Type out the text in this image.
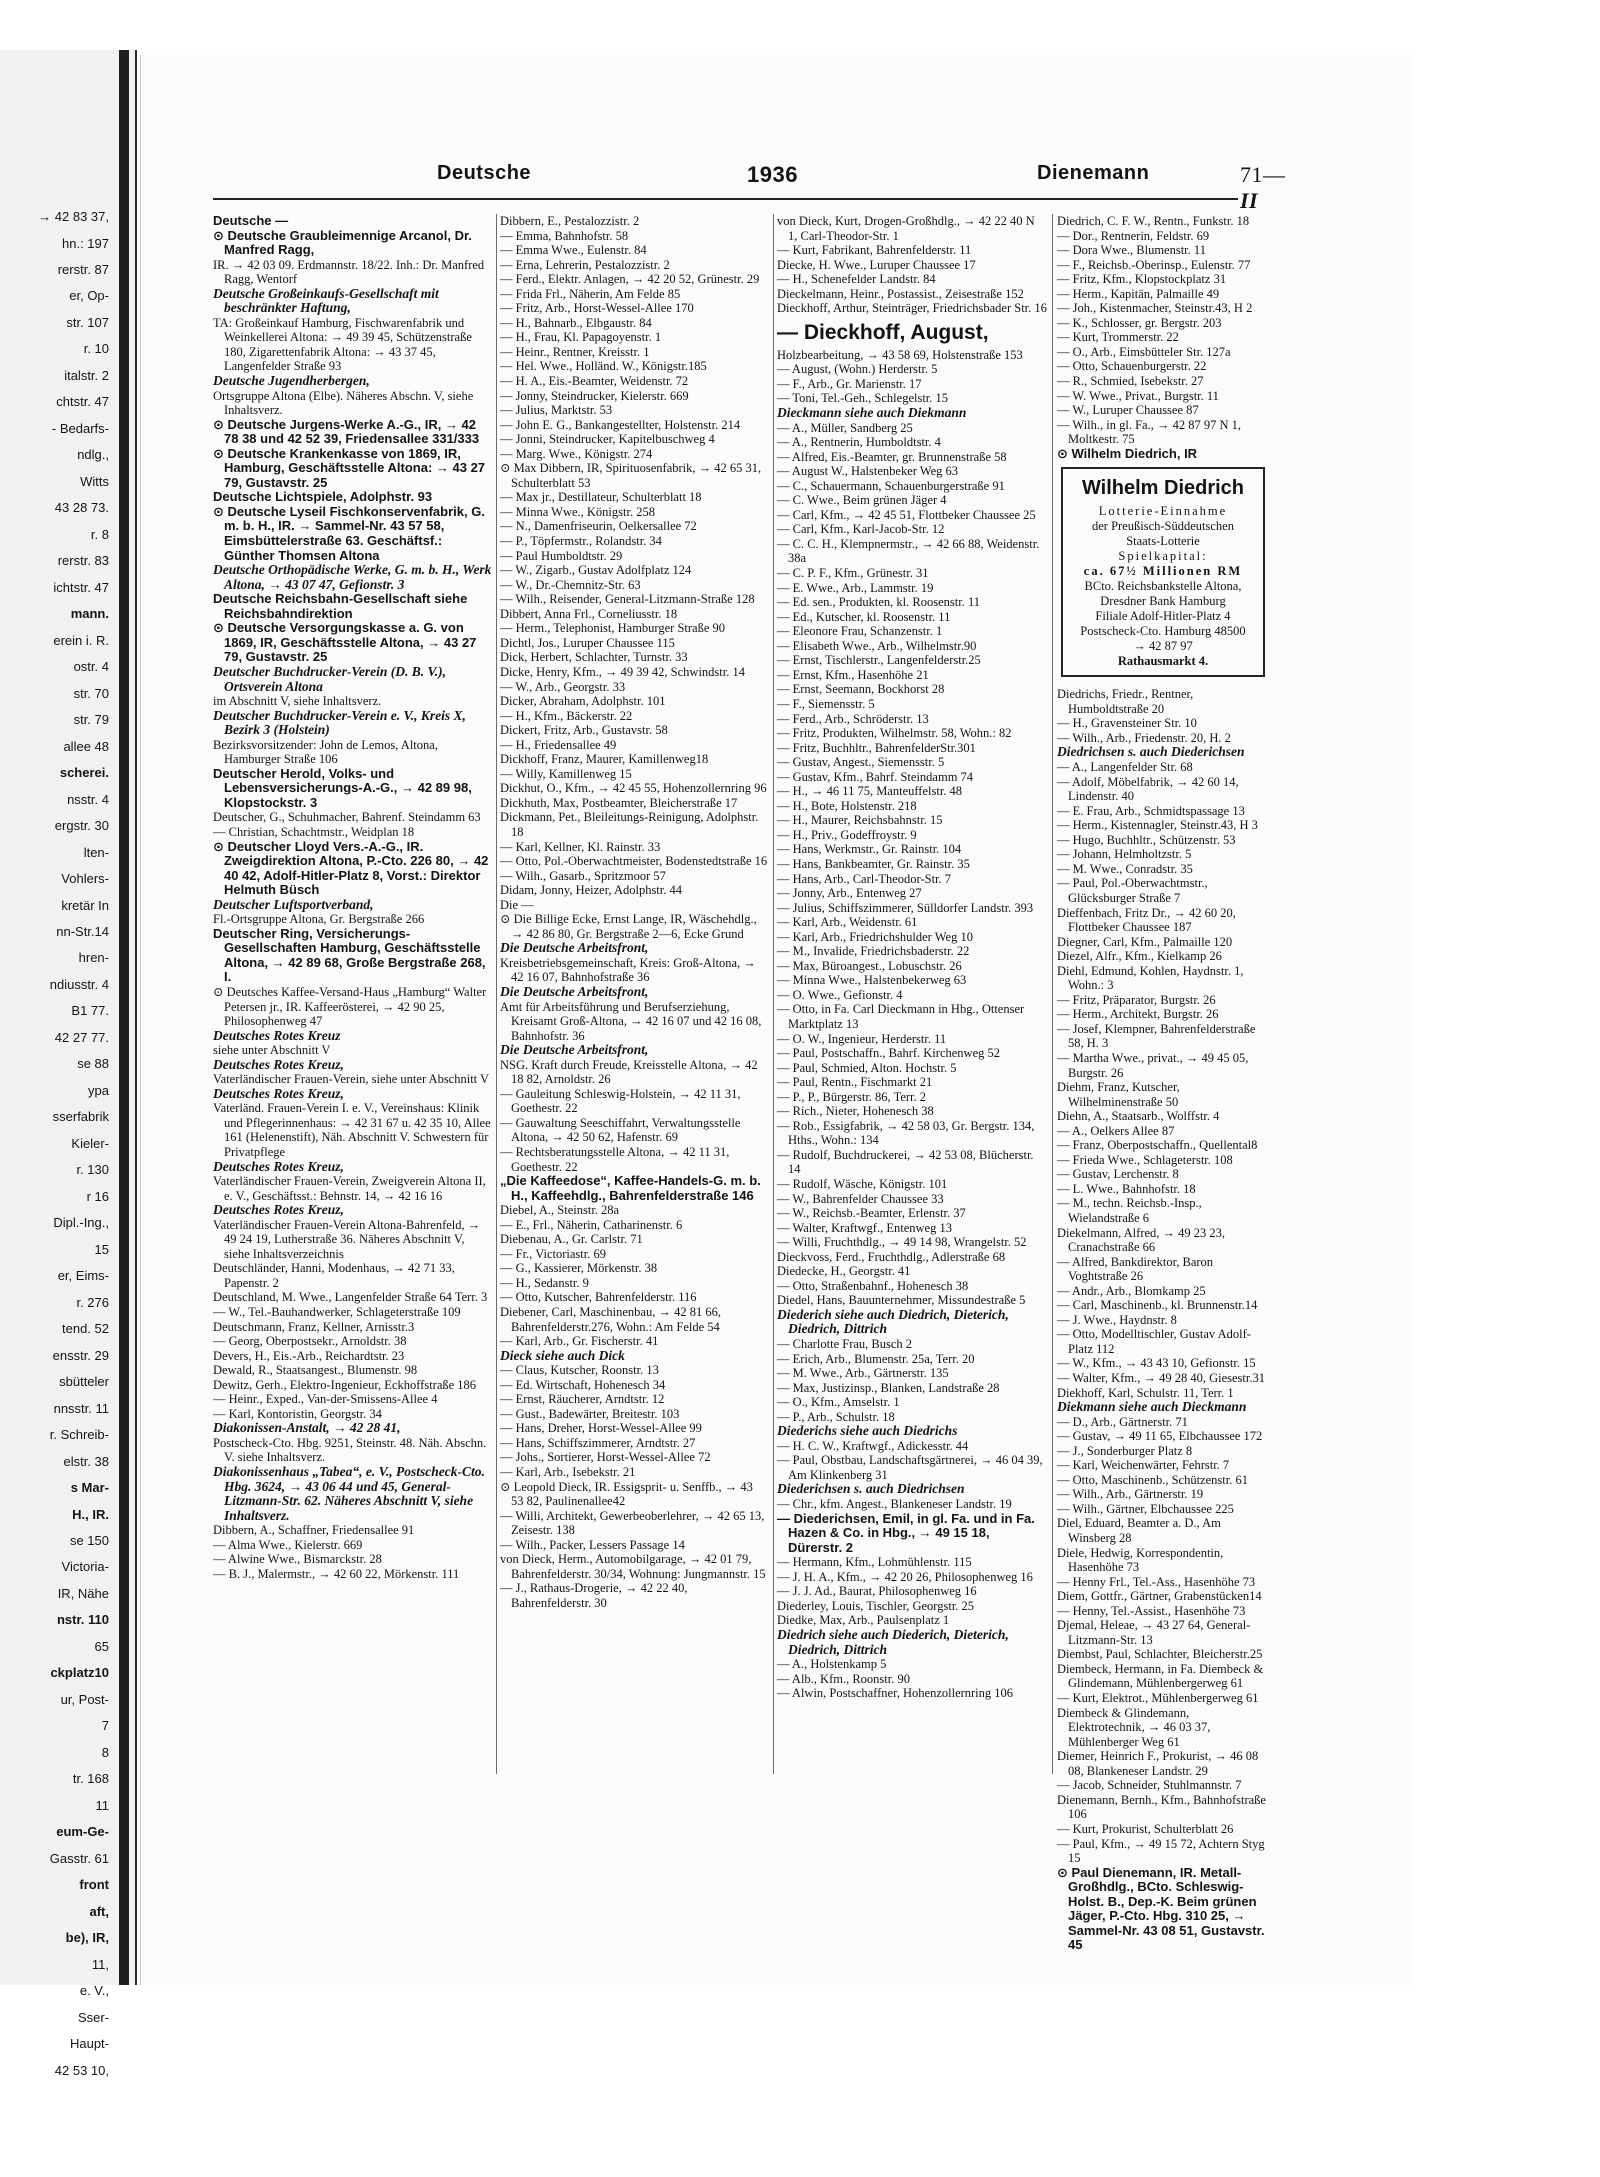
→ 42 83 37,
hn.: 197
rerstr. 87
er, Op-
str. 107
r. 10
italstr. 2
chtstr. 47
- Bedarfs-
ndlg.,
Witts
43 28 73.
r. 8
rerstr. 83
ichtstr. 47
mann.
erein i. R.
ostr. 4
str. 70
str. 79
allee 48
scherei.
nsstr. 4
ergstr. 30
lten-
Vohlers-
kretär In
nn-Str.14
hren-
ndiusstr. 4
B1 77.
42 27 77.
se 88
ypa
sserfabrik
Kieler-
r. 130
r 16
Dipl.-Ing.,
15
er, Eims-
r. 276
tend. 52
ensstr. 29
sbütteler
nnsstr. 11
r. Schreib-
elstr. 38
s Mar-
H., IR.
se 150
Victoria-
IR, Nähe
nstr. 110
65
ckplatz10
ur, Post-
7
8
tr. 168
11
eum-Ge-
Gasstr. 61
front
aft,
be), IR,
11,
e. V.,
Sser-
Haupt-
42 53 10,
Deutsche	1936	Dienemann	71—II

Deutsche —

⊙ Deutsche Graubleimennige Arcanol, Dr. Manfred Ragg,

IR. → 42 03 09. Erdmannstr. 18/22. Inh.: Dr. Manfred Ragg, Wentorf

Deutsche Großeinkaufs-Gesellschaft mit beschränkter Haftung,

TA: Großeinkauf Hamburg, Fischwarenfabrik und Weinkellerei Altona: → 49 39 45, Schützenstraße 180, Zigarettenfabrik Altona: → 43 37 45, Langenfelder Straße 93

Deutsche Jugendherbergen,

Ortsgruppe Altona (Elbe). Näheres Abschn. V, siehe Inhaltsverz.

⊙ Deutsche Jurgens-Werke A.-G., IR, → 42 78 38 und 42 52 39, Friedensallee 331/333

⊙ Deutsche Krankenkasse von 1869, IR, Hamburg, Geschäftsstelle Altona: → 43 27 79, Gustavstr. 25

Deutsche Lichtspiele, Adolphstr. 93

⊙ Deutsche Lyseil Fischkonservenfabrik, G. m. b. H., IR. → Sammel-Nr. 43 57 58, Eimsbüttelerstraße 63. Geschäftsf.: Günther Thomsen Altona

Deutsche Orthopädische Werke, G. m. b. H., Werk Altona, → 43 07 47, Gefionstr. 3

Deutsche Reichsbahn-Gesellschaft siehe Reichsbahndirektion

⊙ Deutsche Versorgungskasse a. G. von 1869, IR, Geschäftsstelle Altona, → 43 27 79, Gustavstr. 25

Deutscher Buchdrucker-Verein (D. B. V.), Ortsverein Altona

im Abschnitt V, siehe Inhaltsverz.

Deutscher Buchdrucker-Verein e. V., Kreis X, Bezirk 3 (Holstein)

Bezirksvorsitzender: John de Lemos, Altona, Hamburger Straße 106

Deutscher Herold, Volks- und Lebensversicherungs-A.-G., → 42 89 98, Klopstockstr. 3

Deutscher, G., Schuhmacher, Bahrenf. Steindamm 63

— Christian, Schachtmstr., Weidplan 18

⊙ Deutscher Lloyd Vers.-A.-G., IR. Zweigdirektion Altona, P.-Cto. 226 80, → 42 40 42, Adolf-Hitler-Platz 8, Vorst.: Direktor Helmuth Büsch

Deutscher Luftsportverband,

Fl.-Ortsgruppe Altona, Gr. Bergstraße 266

Deutscher Ring, Versicherungs-Gesellschaften Hamburg, Geschäftsstelle Altona, → 42 89 68, Große Bergstraße 268, I.

⊙ Deutsches Kaffee-Versand-Haus „Hamburg“ Walter Petersen jr., IR. Kaffeerösterei, → 42 90 25, Philosophenweg 47

Deutsches Rotes Kreuz

siehe unter Abschnitt V

Deutsches Rotes Kreuz,

Vaterländischer Frauen-Verein, siehe unter Abschnitt V

Deutsches Rotes Kreuz,

Vaterländ. Frauen-Verein I. e. V., Vereinshaus: Klinik und Pflegerinnenhaus: → 42 31 67 u. 42 35 10, Allee 161 (Helenenstift), Näh. Abschnitt V. Schwestern für Privatpflege

Deutsches Rotes Kreuz,

Vaterländischer Frauen-Verein, Zweigverein Altona II, e. V., Geschäftsst.: Behnstr. 14, → 42 16 16

Deutsches Rotes Kreuz,

Vaterländischer Frauen-Verein Altona-Bahrenfeld, → 49 24 19, Lutherstraße 36. Näheres Abschnitt V, siehe Inhaltsverzeichnis

Deutschländer, Hanni, Modenhaus, → 42 71 33, Papenstr. 2

Deutschland, M. Wwe., Langenfelder Straße 64 Terr. 3

— W., Tel.-Bauhandwerker, Schlageterstraße 109

Deutschmann, Franz, Kellner, Arnisstr.3

— Georg, Oberpostsekr., Arnoldstr. 38

Devers, H., Eis.-Arb., Reichardtstr. 23

Dewald, R., Staatsangest., Blumenstr. 98

Dewitz, Gerh., Elektro-Ingenieur, Eckhoffstraße 186

— Heinr., Exped., Van-der-Smissens-Allee 4

— Karl, Kontoristin, Georgstr. 34

Diakonissen-Anstalt, → 42 28 41,

Postscheck-Cto. Hbg. 9251, Steinstr. 48. Näh. Abschn. V. siehe Inhaltsverz.

Diakonissenhaus „Tabea“, e. V., Postscheck-Cto. Hbg. 3624, → 43 06 44 und 45, General-Litzmann-Str. 62. Näheres Abschnitt V, siehe Inhaltsverz.

Dibbern, A., Schaffner, Friedensallee 91

— Alma Wwe., Kielerstr. 669

— Alwine Wwe., Bismarckstr. 28

— B. J., Malermstr., → 42 60 22, Mörkenstr. 111

Dibbern, E., Pestalozzistr. 2

— Emma, Bahnhofstr. 58

— Emma Wwe., Eulenstr. 84

— Erna, Lehrerin, Pestalozzistr. 2

— Ferd., Elektr. Anlagen, → 42 20 52, Grünestr. 29

— Frida Frl., Näherin, Am Felde 85

— Fritz, Arb., Horst-Wessel-Allee 170

— H., Bahnarb., Elbgaustr. 84

— H., Frau, Kl. Papagoyenstr. 1

— Heinr., Rentner, Kreisstr. 1

— Hel. Wwe., Holländ. W., Königstr.185

— H. A., Eis.-Beamter, Weidenstr. 72

— Jonny, Steindrucker, Kielerstr. 669

— Julius, Marktstr. 53

— John E. G., Bankangestellter, Holstenstr. 214

— Jonni, Steindrucker, Kapitelbuschweg 4

— Marg. Wwe., Königstr. 274

⊙ Max Dibbern, IR, Spirituosenfabrik, → 42 65 31, Schulterblatt 53

— Max jr., Destillateur, Schulterblatt 18

— Minna Wwe., Königstr. 258

— N., Damenfriseurin, Oelkersallee 72

— P., Töpfermstr., Rolandstr. 34

— Paul Humboldtstr. 29

— W., Zigarb., Gustav Adolfplatz 124

— W., Dr.-Chemnitz-Str. 63

— Wilh., Reisender, General-Litzmann-Straße 128

Dibbert, Anna Frl., Corneliusstr. 18

— Herm., Telephonist, Hamburger Straße 90

Dichtl, Jos., Luruper Chaussee 115

Dick, Herbert, Schlachter, Turnstr. 33

Dicke, Henry, Kfm., → 49 39 42, Schwindstr. 14

— W., Arb., Georgstr. 33

Dicker, Abraham, Adolphstr. 101

— H., Kfm., Bäckerstr. 22

Dickert, Fritz, Arb., Gustavstr. 58

— H., Friedensallee 49

Dickhoff, Franz, Maurer, Kamillenweg18

— Willy, Kamillenweg 15

Dickhut, O., Kfm., → 42 45 55, Hohenzollernring 96

Dickhuth, Max, Postbeamter, Bleicherstraße 17

Dickmann, Pet., Bleileitungs-Reinigung, Adolphstr. 18

— Karl, Kellner, Kl. Rainstr. 33

— Otto, Pol.-Oberwachtmeister, Bodenstedtstraße 16

— Wilh., Gasarb., Spritzmoor 57

Didam, Jonny, Heizer, Adolphstr. 44

Die —

⊙ Die Billige Ecke, Ernst Lange, IR, Wäschehdlg., → 42 86 80, Gr. Bergstraße 2—6, Ecke Grund

Die Deutsche Arbeitsfront,

Kreisbetriebsgemeinschaft, Kreis: Groß-Altona, → 42 16 07, Bahnhofstraße 36

Die Deutsche Arbeitsfront,

Amt für Arbeitsführung und Berufserziehung, Kreisamt Groß-Altona, → 42 16 07 und 42 16 08, Bahnhofstr. 36

Die Deutsche Arbeitsfront,

NSG. Kraft durch Freude, Kreisstelle Altona, → 42 18 82, Arnoldstr. 26

— Gauleitung Schleswig-Holstein, → 42 11 31, Goethestr. 22

— Gauwaltung Seeschiffahrt, Verwaltungsstelle Altona, → 42 50 62, Hafenstr. 69

— Rechtsberatungsstelle Altona, → 42 11 31, Goethestr. 22

„Die Kaffeedose“, Kaffee-Handels-G. m. b. H., Kaffeehdlg., Bahrenfelderstraße 146

Diebel, A., Steinstr. 28a

— E., Frl., Näherin, Catharinenstr. 6

Diebenau, A., Gr. Carlstr. 71

— Fr., Victoriastr. 69

— G., Kassierer, Mörkenstr. 38

— H., Sedanstr. 9

— Otto, Kutscher, Bahrenfelderstr. 116

Diebener, Carl, Maschinenbau, → 42 81 66, Bahrenfelderstr.276, Wohn.: Am Felde 54

— Karl, Arb., Gr. Fischerstr. 41

Dieck siehe auch Dick

— Claus, Kutscher, Roonstr. 13

— Ed. Wirtschaft, Hohenesch 34

— Ernst, Räucherer, Arndtstr. 12

— Gust., Badewärter, Breitestr. 103

— Hans, Dreher, Horst-Wessel-Allee 99

— Hans, Schiffszimmerer, Arndtstr. 27

— Johs., Sortierer, Horst-Wessel-Allee 72

— Karl, Arb., Isebekstr. 21

⊙ Leopold Dieck, IR. Essigsprit- u. Senffb., → 43 53 82, Paulinenallee42

— Willi, Architekt, Gewerbeoberlehrer, → 42 65 13, Zeisestr. 138

— Wilh., Packer, Lessers Passage 14

von Dieck, Herm., Automobilgarage, → 42 01 79, Bahrenfelderstr. 30/34, Wohnung: Jungmannstr. 15

— J., Rathaus-Drogerie, → 42 22 40, Bahrenfelderstr. 30

von Dieck, Kurt, Drogen-Großhdlg., → 42 22 40 N 1, Carl-Theodor-Str. 1

— Kurt, Fabrikant, Bahrenfelderstr. 11

Diecke, H. Wwe., Luruper Chaussee 17

— H., Schenefelder Landstr. 84

Dieckelmann, Heinr., Postassist., Zeisestraße 152

Dieckhoff, Arthur, Steinträger, Friedrichsbader Str. 16

— Dieckhoff, August,

Holzbearbeitung, → 43 58 69, Holstenstraße 153

— August, (Wohn.) Herderstr. 5

— F., Arb., Gr. Marienstr. 17

— Toni, Tel.-Geh., Schlegelstr. 15

Dieckmann siehe auch Diekmann

— A., Müller, Sandberg 25

— A., Rentnerin, Humboldtstr. 4

— Alfred, Eis.-Beamter, gr. Brunnenstraße 58

— August W., Halstenbeker Weg 63

— C., Schauermann, Schauenburgerstraße 91

— C. Wwe., Beim grünen Jäger 4

— Carl, Kfm., → 42 45 51, Flottbeker Chaussee 25

— Carl, Kfm., Karl-Jacob-Str. 12

— C. C. H., Klempnermstr., → 42 66 88, Weidenstr. 38a

— C. P. F., Kfm., Grünestr. 31

— E. Wwe., Arb., Lammstr. 19

— Ed. sen., Produkten, kl. Roosenstr. 11

— Ed., Kutscher, kl. Roosenstr. 11

— Eleonore Frau, Schanzenstr. 1

— Elisabeth Wwe., Arb., Wilhelmstr.90

— Ernst, Tischlerstr., Langenfelderstr.25

— Ernst, Kfm., Hasenhöhe 21

— Ernst, Seemann, Bockhorst 28

— F., Siemensstr. 5

— Ferd., Arb., Schröderstr. 13

— Fritz, Produkten, Wilhelmstr. 58, Wohn.: 82

— Fritz, Buchhltr., BahrenfelderStr.301

— Gustav, Angest., Siemensstr. 5

— Gustav, Kfm., Bahrf. Steindamm 74

— H., → 46 11 75, Manteuffelstr. 48

— H., Bote, Holstenstr. 218

— H., Maurer, Reichsbahnstr. 15

— H., Priv., Godeffroystr. 9

— Hans, Werkmstr., Gr. Rainstr. 104

— Hans, Bankbeamter, Gr. Rainstr. 35

— Hans, Arb., Carl-Theodor-Str. 7

— Jonny, Arb., Entenweg 27

— Julius, Schiffszimmerer, Sülldorfer Landstr. 393

— Karl, Arb., Weidenstr. 61

— Karl, Arb., Friedrichshulder Weg 10

— M., Invalide, Friedrichsbaderstr. 22

— Max, Büroangest., Lobuschstr. 26

— Minna Wwe., Halstenbekerweg 63

— O. Wwe., Gefionstr. 4

— Otto, in Fa. Carl Dieckmann in Hbg., Ottenser Marktplatz 13

— O. W., Ingenieur, Herderstr. 11

— Paul, Postschaffn., Bahrf. Kirchenweg 52

— Paul, Schmied, Alton. Hochstr. 5

— Paul, Rentn., Fischmarkt 21

— P., P., Bürgerstr. 86, Terr. 2

— Rich., Nieter, Hohenesch 38

— Rob., Essigfabrik, → 42 58 03, Gr. Bergstr. 134, Hths., Wohn.: 134

— Rudolf, Buchdruckerei, → 42 53 08, Blücherstr. 14

— Rudolf, Wäsche, Königstr. 101

— W., Bahrenfelder Chaussee 33

— W., Reichsb.-Beamter, Erlenstr. 37

— Walter, Kraftwgf., Entenweg 13

— Willi, Fruchthdlg., → 49 14 98, Wrangelstr. 52

Dieckvoss, Ferd., Fruchthdlg., Adlerstraße 68

Diedecke, H., Georgstr. 41

— Otto, Straßenbahnf., Hohenesch 38

Diedel, Hans, Bauunternehmer, Missundestraße 5

Diederich siehe auch Diedrich, Dieterich, Diedrich, Dittrich

— Charlotte Frau, Busch 2

— Erich, Arb., Blumenstr. 25a, Terr. 20

— M. Wwe., Arb., Gärtnerstr. 135

— Max, Justizinsp., Blanken, Landstraße 28

— O., Kfm., Amselstr. 1

— P., Arb., Schulstr. 18

Diederichs siehe auch Diedrichs

— H. C. W., Kraftwgf., Adickesstr. 44

— Paul, Obstbau, Landschaftsgärtnerei, → 46 04 39, Am Klinkenberg 31

Diederichsen s. auch Diedrichsen

— Chr., kfm. Angest., Blankeneser Landstr. 19

— Diederichsen, Emil, in gl. Fa. und in Fa. Hazen & Co. in Hbg., → 49 15 18, Dürerstr. 2

— Hermann, Kfm., Lohmühlenstr. 115

— J. H. A., Kfm., → 42 20 26, Philosophenweg 16

— J. J. Ad., Baurat, Philosophenweg 16

Diederley, Louis, Tischler, Georgstr. 25

Diedke, Max, Arb., Paulsenplatz 1

Diedrich siehe auch Diederich, Dieterich, Diedrich, Dittrich

— A., Holstenkamp 5

— Alb., Kfm., Roonstr. 90

— Alwin, Postschaffner, Hohenzollernring 106

Diedrich, C. F. W., Rentn., Funkstr. 18

— Dor., Rentnerin, Feldstr. 69

— Dora Wwe., Blumenstr. 11

— F., Reichsb.-Oberinsp., Eulenstr. 77

— Fritz, Kfm., Klopstockplatz 31

— Herm., Kapitän, Palmaille 49

— Joh., Kistenmacher, Steinstr.43, H 2

— K., Schlosser, gr. Bergstr. 203

— Kurt, Trommerstr. 22

— O., Arb., Eimsbütteler Str. 127a

— Otto, Schauenburgerstr. 22

— R., Schmied, Isebekstr. 27

— W. Wwe., Privat., Burgstr. 11

— W., Luruper Chaussee 87

— Wilh., in gl. Fa., → 42 87 97 N 1, Moltkestr. 75

⊙ Wilhelm Diedrich, IR

Wilhelm Diedrich
Lotterie-Einnahme
der Preußisch-Süddeutschen
Staats-Lotterie
Spielkapital:
ca. 67½ Millionen RM
BCto. Reichsbankstelle Altona,
Dresdner Bank Hamburg
Filiale Adolf-Hitler-Platz 4
Postscheck-Cto. Hamburg 48500
→ 42 87 97
Rathausmarkt 4.

Diedrichs, Friedr., Rentner, Humboldtstraße 20

— H., Gravensteiner Str. 10

— Wilh., Arb., Friedenstr. 20, H. 2

Diedrichsen s. auch Diederichsen

— A., Langenfelder Str. 68

— Adolf, Möbelfabrik, → 42 60 14, Lindenstr. 40

— E. Frau, Arb., Schmidtspassage 13

— Herm., Kistennagler, Steinstr.43, H 3

— Hugo, Buchhltr., Schützenstr. 53

— Johann, Helmholtzstr. 5

— M. Wwe., Conradstr. 35

— Paul, Pol.-Oberwachtmstr., Glücksburger Straße 7

Dieffenbach, Fritz Dr., → 42 60 20, Flottbeker Chaussee 187

Diegner, Carl, Kfm., Palmaille 120

Diezel, Alfr., Kfm., Kielkamp 26

Diehl, Edmund, Kohlen, Haydnstr. 1, Wohn.: 3

— Fritz, Präparator, Burgstr. 26

— Herm., Architekt, Burgstr. 26

— Josef, Klempner, Bahrenfelderstraße 58, H. 3

— Martha Wwe., privat., → 49 45 05, Burgstr. 26

Diehm, Franz, Kutscher, Wilhelminenstraße 50

Diehn, A., Staatsarb., Wolffstr. 4

— A., Oelkers Allee 87

— Franz, Oberpostschaffn., Quellental8

— Frieda Wwe., Schlageterstr. 108

— Gustav, Lerchenstr. 8

— L. Wwe., Bahnhofstr. 18

— M., techn. Reichsb.-Insp., Wielandstraße 6

Diekelmann, Alfred, → 49 23 23, Cranachstraße 66

— Alfred, Bankdirektor, Baron Voghtstraße 26

— Andr., Arb., Blomkamp 25

— Carl, Maschinenb., kl. Brunnenstr.14

— J. Wwe., Haydnstr. 8

— Otto, Modelltischler, Gustav Adolf-Platz 112

— W., Kfm., → 43 43 10, Gefionstr. 15

— Walter, Kfm., → 49 28 40, Giesestr.31

Diekhoff, Karl, Schulstr. 11, Terr. 1

Diekmann siehe auch Dieckmann

— D., Arb., Gärtnerstr. 71

— Gustav, → 49 11 65, Elbchaussee 172

— J., Sonderburger Platz 8

— Karl, Weichenwärter, Fehrstr. 7

— Otto, Maschinenb., Schützenstr. 61

— Wilh., Arb., Gärtnerstr. 19

— Wilh., Gärtner, Elbchaussee 225

Diel, Eduard, Beamter a. D., Am Winsberg 28

Diele, Hedwig, Korrespondentin, Hasenhöhe 73

— Henny Frl., Tel.-Ass., Hasenhöhe 73

Diem, Gottfr., Gärtner, Grabenstücken14

— Henny, Tel.-Assist., Hasenhöhe 73

Djemal, Heleae, → 43 27 64, General-Litzmann-Str. 13

Diembst, Paul, Schlachter, Bleicherstr.25

Diembeck, Hermann, in Fa. Diembeck & Glindemann, Mühlenbergerweg 61

— Kurt, Elektrot., Mühlenbergerweg 61

Diembeck & Glindemann, Elektrotechnik, → 46 03 37, Mühlenberger Weg 61

Diemer, Heinrich F., Prokurist, → 46 08 08, Blankeneser Landstr. 29

— Jacob, Schneider, Stuhlmannstr. 7

Dienemann, Bernh., Kfm., Bahnhofstraße 106

— Kurt, Prokurist, Schulterblatt 26

— Paul, Kfm., → 49 15 72, Achtern Styg 15

⊙ Paul Dienemann, IR. Metall-Großhdlg., BCto. Schleswig-Holst. B., Dep.-K. Beim grünen Jäger, P.-Cto. Hbg. 310 25, → Sammel-Nr. 43 08 51, Gustavstr. 45
